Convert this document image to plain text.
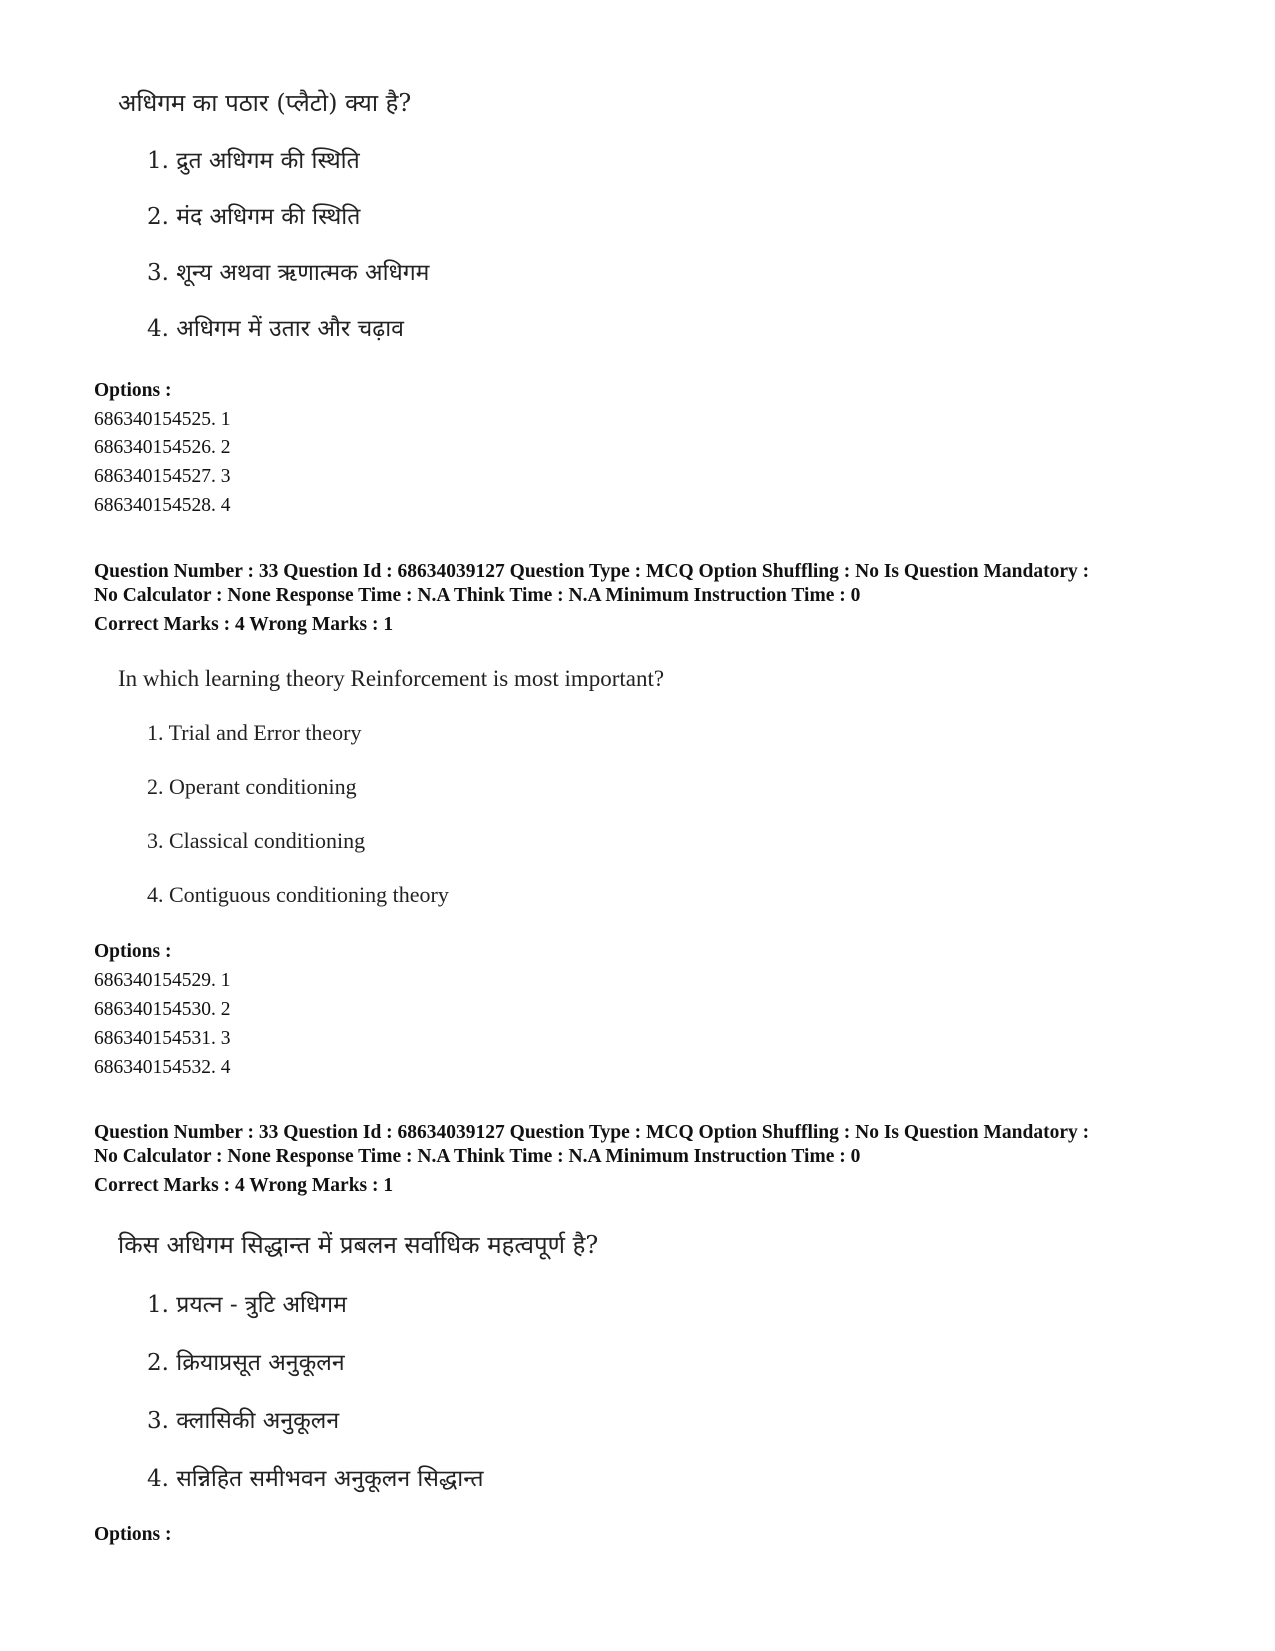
अधिगम का पठार (प्लैटो) क्या है?
1. द्रुत अधिगम की स्थिति
2. मंद अधिगम की स्थिति
3. शून्य अथवा ऋणात्मक अधिगम
4. अधिगम में उतार और चढ़ाव
Options :
686340154525. 1
686340154526. 2
686340154527. 3
686340154528. 4
Question Number : 33 Question Id : 68634039127 Question Type : MCQ Option Shuffling : No Is Question Mandatory :
No Calculator : None Response Time : N.A Think Time : N.A Minimum Instruction Time : 0
Correct Marks : 4 Wrong Marks : 1
In which learning theory Reinforcement is most important?
1. Trial and Error theory
2. Operant conditioning
3. Classical conditioning
4. Contiguous conditioning theory
Options :
686340154529. 1
686340154530. 2
686340154531. 3
686340154532. 4
Question Number : 33 Question Id : 68634039127 Question Type : MCQ Option Shuffling : No Is Question Mandatory :
No Calculator : None Response Time : N.A Think Time : N.A Minimum Instruction Time : 0
Correct Marks : 4 Wrong Marks : 1
किस अधिगम सिद्धान्त में प्रबलन सर्वाधिक महत्वपूर्ण है?
1. प्रयत्न - त्रुटि अधिगम
2. क्रियाप्रसूत अनुकूलन
3. क्लासिकी अनुकूलन
4. सन्निहित समीभवन अनुकूलन सिद्धान्त
Options :
